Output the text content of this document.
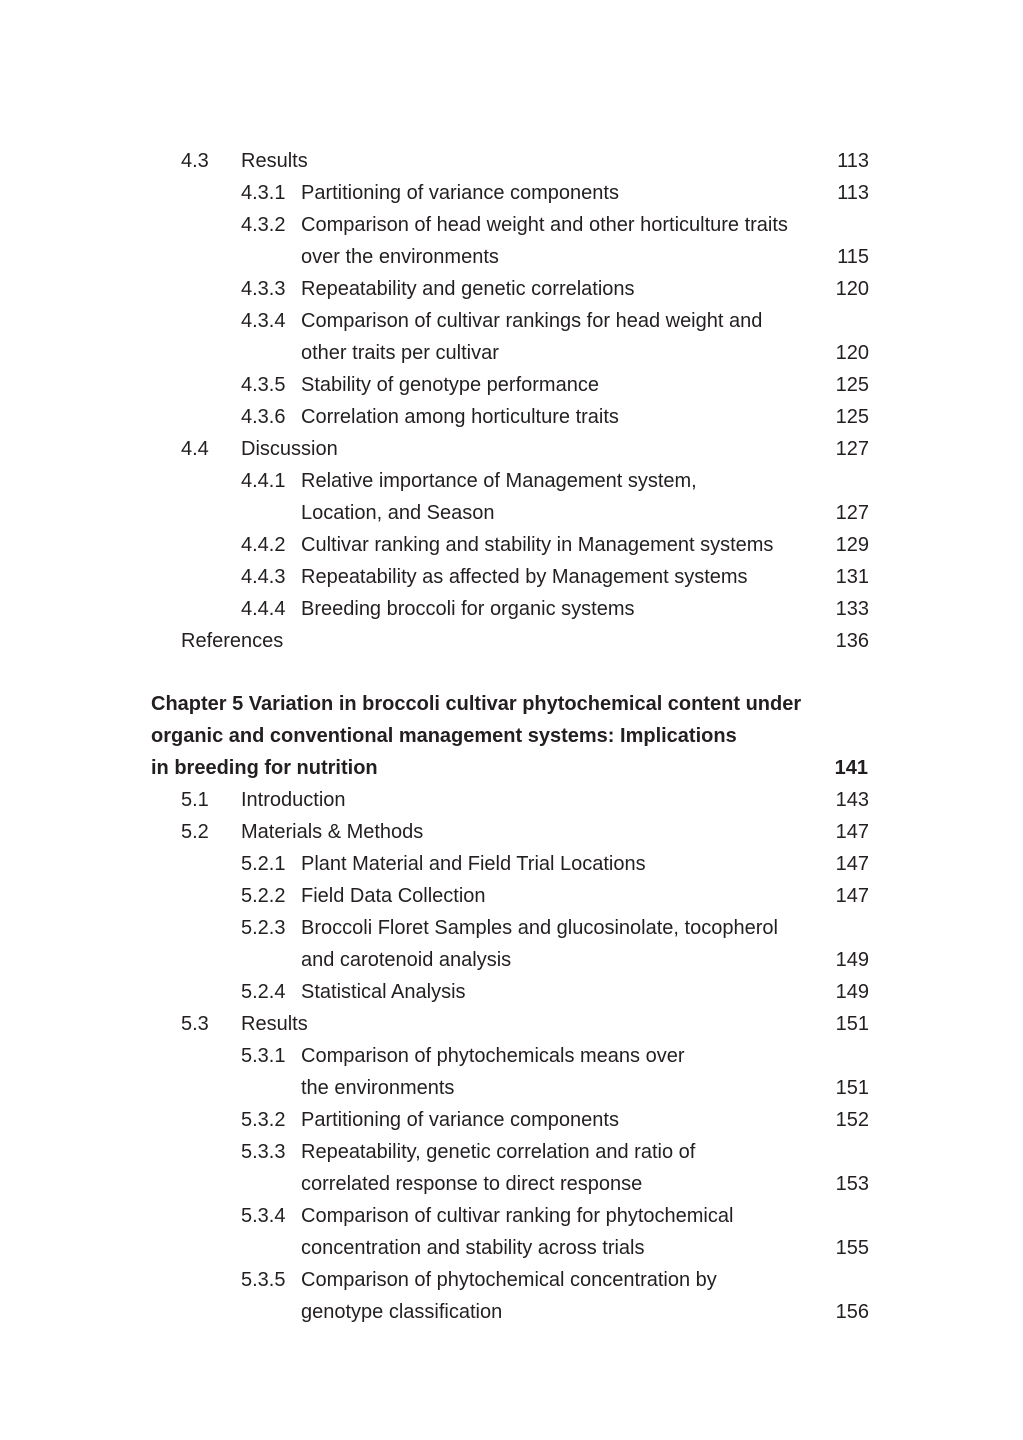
4.3 Results	113
4.3.1 Partitioning of variance components	113
4.3.2 Comparison of head weight and other horticulture traits
over the environments	115
4.3.3 Repeatability and genetic correlations	120
4.3.4 Comparison of cultivar rankings for head weight and
other traits per cultivar	120
4.3.5 Stability of genotype performance	125
4.3.6 Correlation among horticulture traits	125
4.4 Discussion	127
4.4.1 Relative importance of Management system,
Location, and Season	127
4.4.2 Cultivar ranking and stability in Management systems	129
4.4.3 Repeatability as affected by Management systems	131
4.4.4 Breeding broccoli for organic systems	133
References	136
Chapter 5 Variation in broccoli cultivar phytochemical content under
organic and conventional management systems: Implications
in breeding for nutrition	141
5.1 Introduction	143
5.2 Materials & Methods	147
5.2.1 Plant Material and Field Trial Locations	147
5.2.2 Field Data Collection	147
5.2.3 Broccoli Floret Samples and glucosinolate, tocopherol
and carotenoid analysis	149
5.2.4 Statistical Analysis	149
5.3 Results	151
5.3.1 Comparison of phytochemicals means over
the environments	151
5.3.2 Partitioning of variance components	152
5.3.3 Repeatability, genetic correlation and ratio of
correlated response to direct response	153
5.3.4 Comparison of cultivar ranking for phytochemical
concentration and stability across trials	155
5.3.5 Comparison of phytochemical concentration by
genotype classification	156
